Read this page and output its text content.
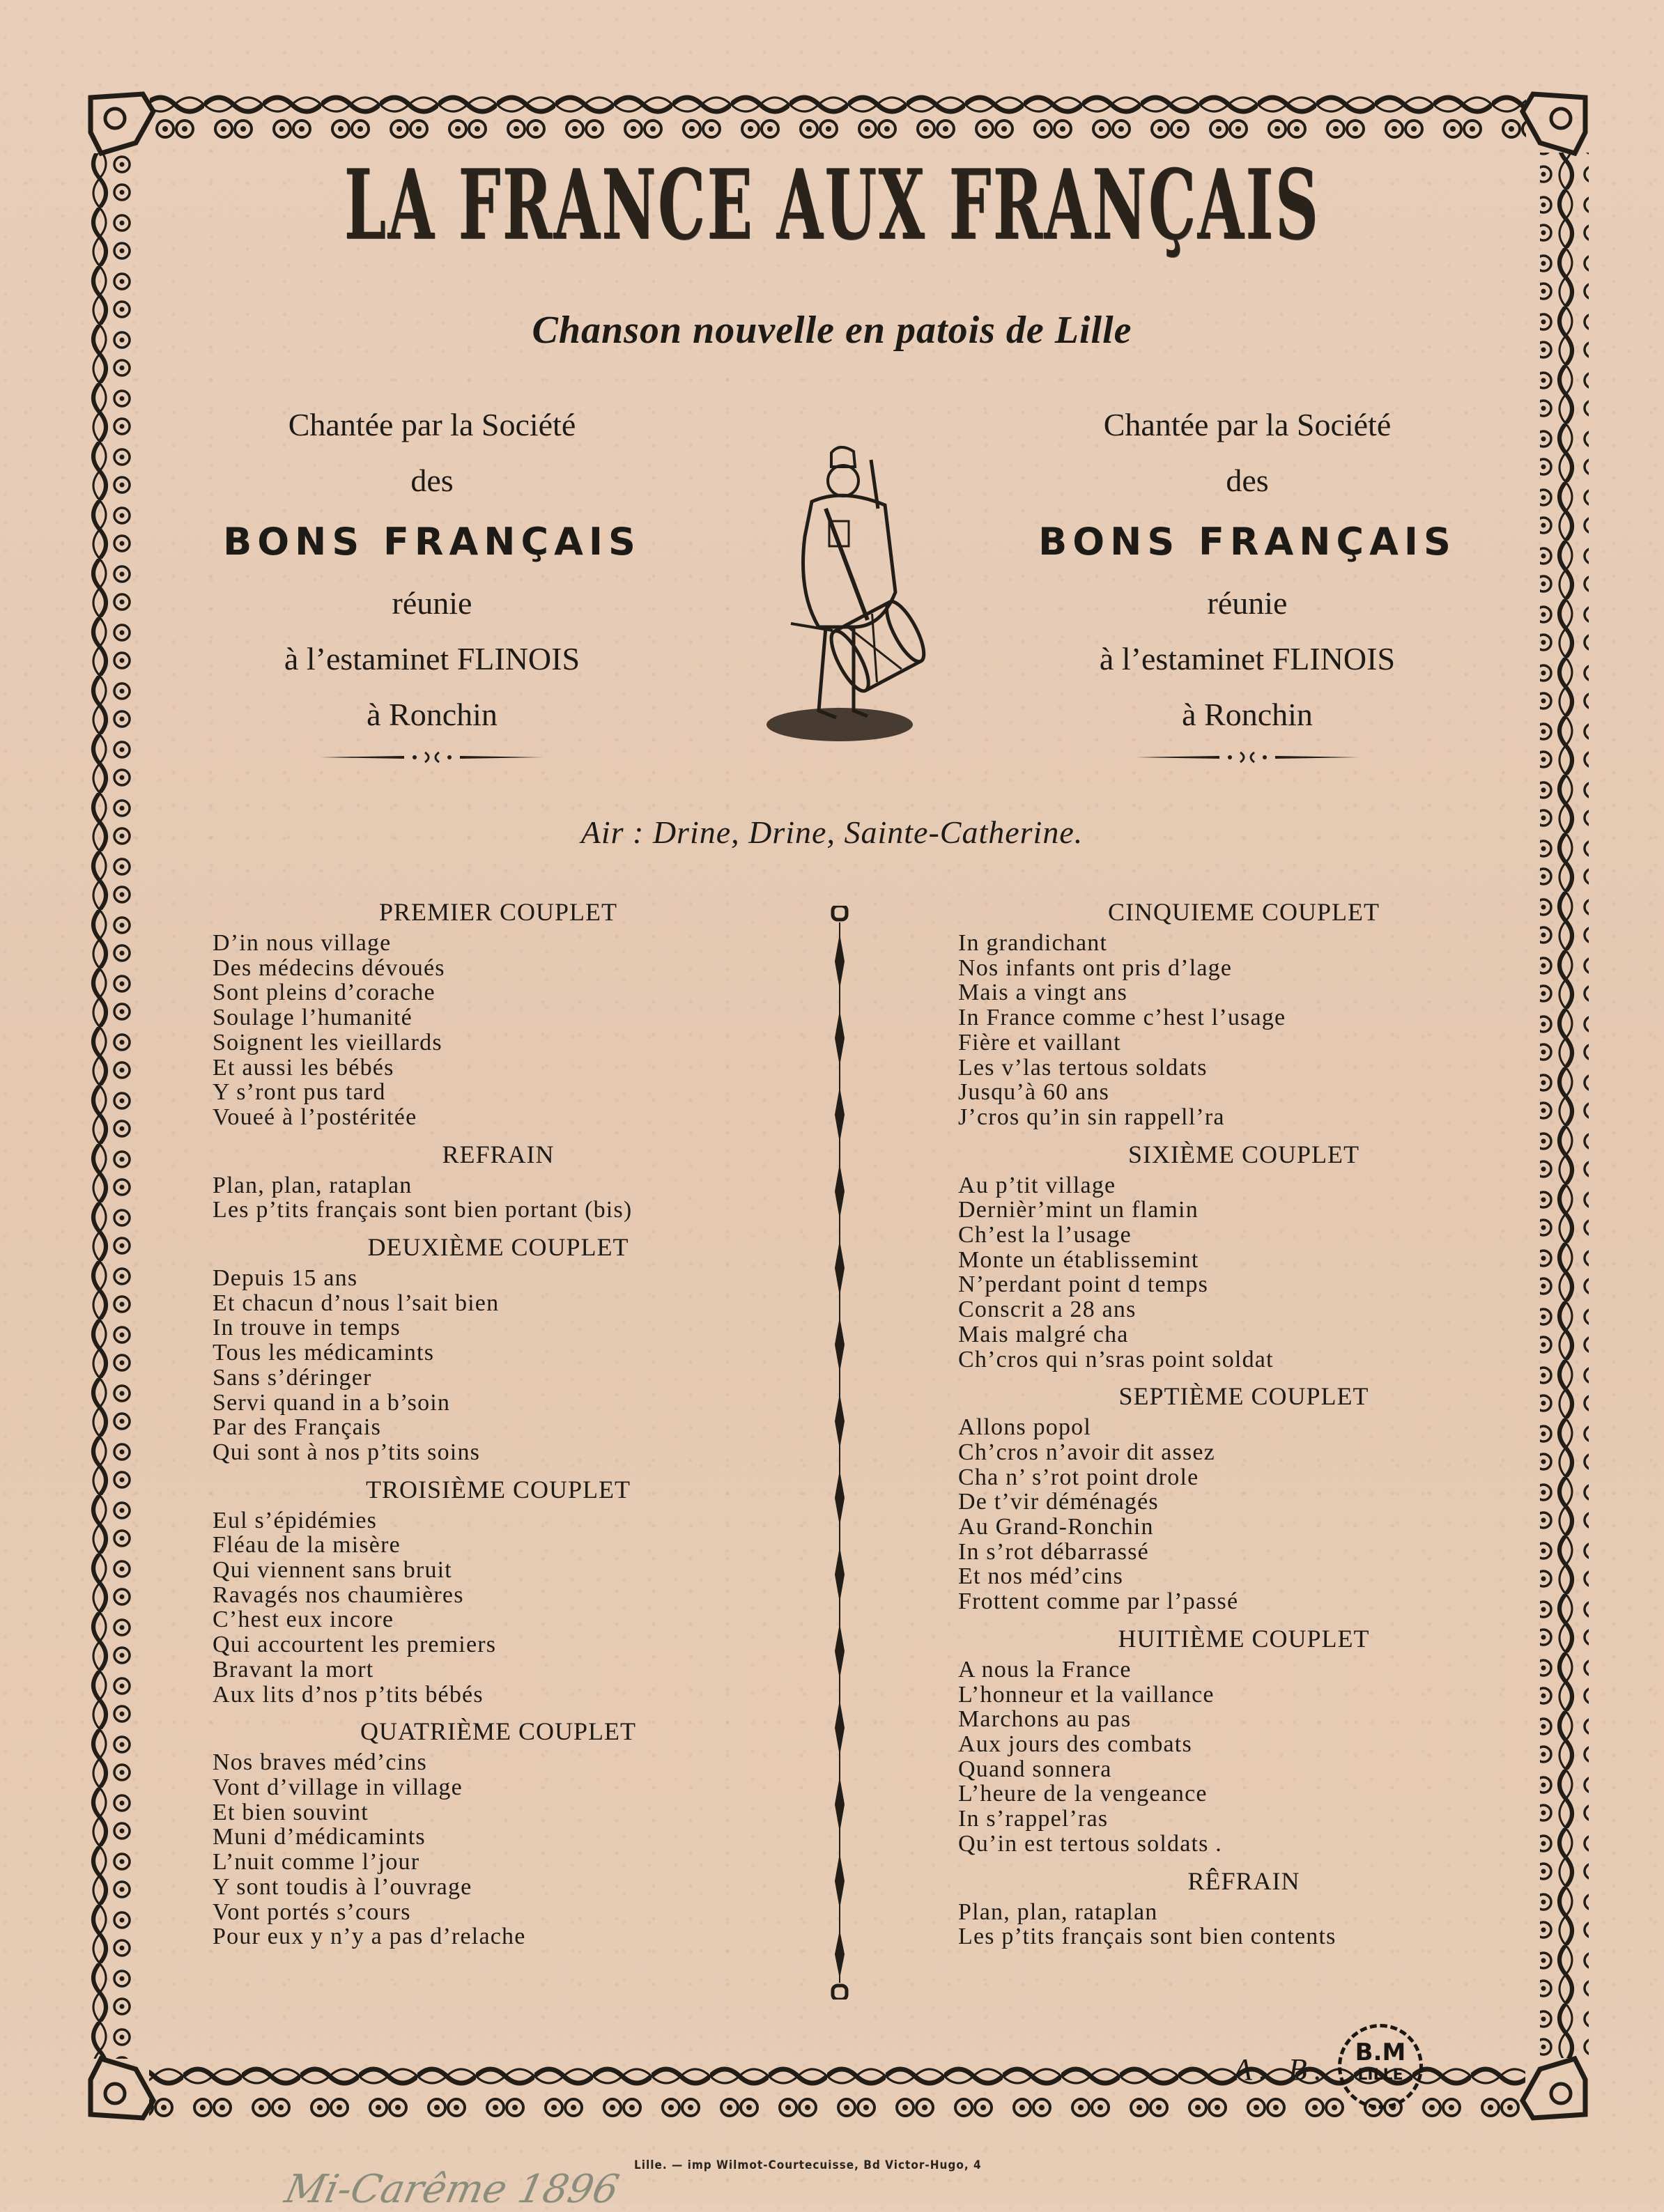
LA FRANCE AUX FRANÇAIS
Chanson nouvelle en patois de Lille
Chantée par la Société
des
BONS FRANÇAIS
réunie
à l’estaminet FLINOIS
à Ronchin
Chantée par la Société
des
BONS FRANÇAIS
réunie
à l’estaminet FLINOIS
à Ronchin
Air : Drine, Drine, Sainte-Catherine.
PREMIER COUPLET
D’in nous village
Des médecins dévoués
Sont pleins d’corache
Soulage l’humanité
Soignent les vieillards
Et aussi les bébés
Y s’ront pus tard
Voueé à l’postéritée
REFRAIN
Plan, plan, rataplan
Les p’tits français sont bien portant (bis)
DEUXIÈME COUPLET
Depuis 15 ans
Et chacun d’nous l’sait bien
In trouve in temps
Tous les médicamints
Sans s’déringer
Servi quand in a b’soin
Par des Français
Qui sont à nos p’tits soins
TROISIÈME COUPLET
Eul s’épidémies
Fléau de la misère
Qui viennent sans bruit
Ravagés nos chaumières
C’hest eux incore
Qui accourtent les premiers
Bravant la mort
Aux lits d’nos p’tits bébés
QUATRIÈME COUPLET
Nos braves méd’cins
Vont d’village in village
Et bien souvint
Muni d’médicamints
L’nuit comme l’jour
Y sont toudis à l’ouvrage
Vont portés s’cours
Pour eux y n’y a pas d’relache
CINQUIEME COUPLET
In grandichant
Nos infants ont pris d’lage
Mais a vingt ans
In France comme c’hest l’usage
Fière et vaillant
Les v’las tertous soldats
Jusqu’à 60 ans
J’cros qu’in sin rappell’ra
SIXIÈME COUPLET
Au p’tit village
Dernièr’mint un flamin
Ch’est la l’usage
Monte un établissemint
N’perdant point d temps
Conscrit a 28 ans
Mais malgré cha
Ch’cros qui n’sras point soldat
SEPTIÈME COUPLET
Allons popol
Ch’cros n’avoir dit assez
Cha n’ s’rot point drole
De t’vir déménagés
Au Grand-Ronchin
In s’rot débarrassé
Et nos méd’cins
Frottent comme par l’passé
HUITIÈME COUPLET
A nous la France
L’honneur et la vaillance
Marchons au pas
Aux jours des combats
Quand sonnera
L’heure de la vengeance
In s’rappel’ras
Qu’in est tertous soldats .
RÊFRAIN
Plan, plan, rataplan
Les p’tits français sont bien contents
A. B.	B.M
LILLE
Lille. — imp Wilmot-Courtecuisse, Bd Victor-Hugo, 4
Mi-Carême 1896
